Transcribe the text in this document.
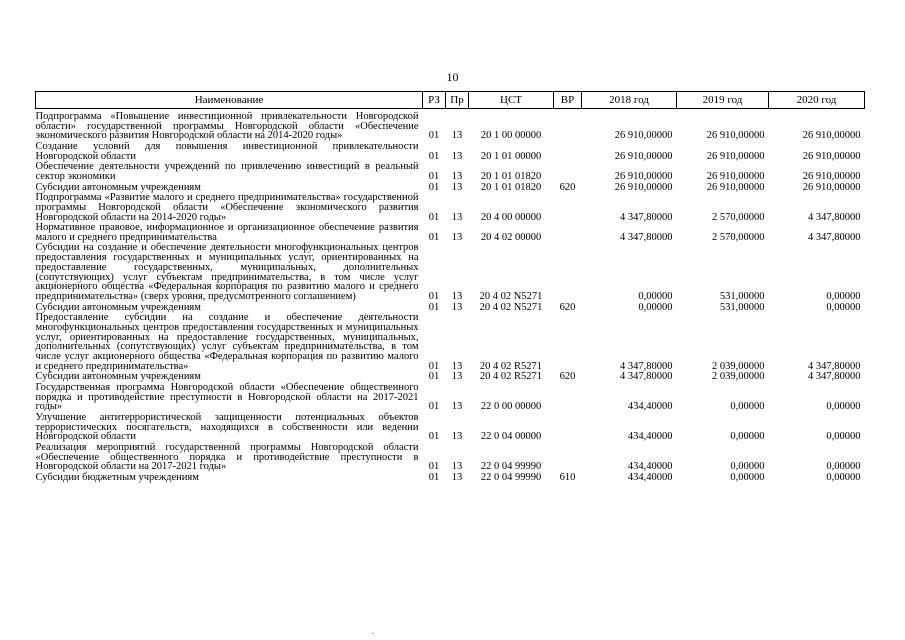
10
Наименование	РЗ	Пр	ЦСТ	ВР	2018 год	2019 год	2020 год
Подпрограмма «Повышение инвестиционной привлекательности Новгородской области» государственной программы Новгородской области «Обеспечение экономического развития Новгородской области на 2014-2020 годы»	01	13	20 1 00 00000		26 910,00000	26 910,00000	26 910,00000
Создание условий для повышения инвестиционной привлекательности Новгородской области	01	13	20 1 01 00000		26 910,00000	26 910,00000	26 910,00000
Обеспечение деятельности учреждений по привлечению инвестиций в реальный сектор экономики	01	13	20 1 01 01820		26 910,00000	26 910,00000	26 910,00000
Субсидии автономным учреждениям	01	13	20 1 01 01820	620	26 910,00000	26 910,00000	26 910,00000
Подпрограмма «Развитие малого и среднего предпринимательства» государственной программы Новгородской области «Обеспечение экономического развития Новгородской области на 2014-2020 годы»	01	13	20 4 00 00000		4 347,80000	2 570,00000	4 347,80000
Нормативное правовое, информационное и организационное обеспечение развития малого и среднего предпринимательства	01	13	20 4 02 00000		4 347,80000	2 570,00000	4 347,80000
Субсидии на создание и обеспечение деятельности многофункциональных центров предоставления государственных и муниципальных услуг, ориентированных на предоставление государственных, муниципальных, дополнительных (сопутствующих) услуг субъектам предпринимательства, в том числе услуг акционерного общества «Федеральная корпорация по развитию малого и среднего предпринимательства» (сверх уровня, предусмотренного соглашением)	01	13	20 4 02 N5271		0,00000	531,00000	0,00000
Субсидии автономным учреждениям	01	13	20 4 02 N5271	620	0,00000	531,00000	0,00000
Предоставление субсидии на создание и обеспечение деятельности многофункциональных центров предоставления государственных и муниципальных услуг, ориентированных на предоставление государственных, муниципальных, дополнительных (сопутствующих) услуг субъектам предпринимательства, в том числе услуг акционерного общества «Федеральная корпорация по развитию малого и среднего предпринимательства»	01	13	20 4 02 R5271		4 347,80000	2 039,00000	4 347,80000
Субсидии автономным учреждениям	01	13	20 4 02 R5271	620	4 347,80000	2 039,00000	4 347,80000
Государственная программа Новгородской области «Обеспечение общественного порядка и противодействие преступности в Новгородской области на 2017-2021 годы»	01	13	22 0 00 00000		434,40000	0,00000	0,00000
Улучшение антитеррористической защищенности потенциальных объектов террористических посягательств, находящихся в собственности или ведении Новгородской области	01	13	22 0 04 00000		434,40000	0,00000	0,00000
Реализация мероприятий государственной программы Новгородской области «Обеспечение общественного порядка и противодействие преступности в Новгородской области на 2017-2021 годы»	01	13	22 0 04 99990		434,40000	0,00000	0,00000
Субсидии бюджетным учреждениям	01	13	22 0 04 99990	610	434,40000	0,00000	0,00000
